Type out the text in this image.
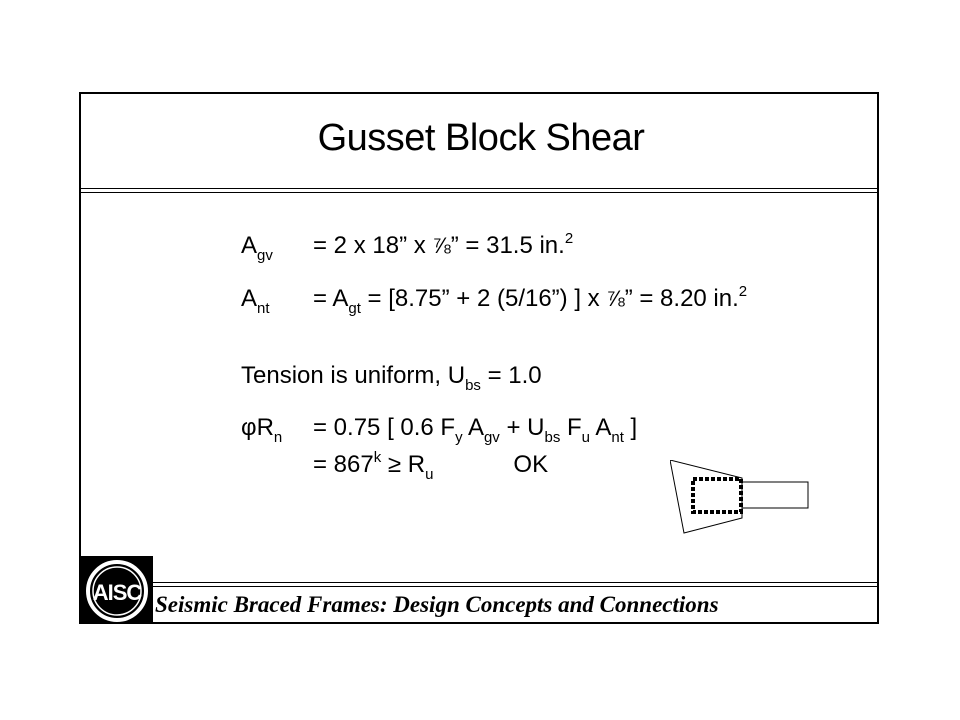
Gusset Block Shear
$A_{gv} = 2$ x 18” x ⅞” = 31.5 in.$^2$
$A_{nt} = A_{gt} = [8.75$” + 2 (5/16”) ] x ⅞” = 8.20 in.$^2$
Tension is uniform, $U_{bs} = 1.0$
$\varphi R_n = 0.75$ [ 0.6 $F_y$ $A_{gv} + U_{bs}$ $F_u$ $A_{nt}$ ]
= $867^k \ge R_u$	OK
AISC Seismic Braced Frames: Design Concepts and Connections
